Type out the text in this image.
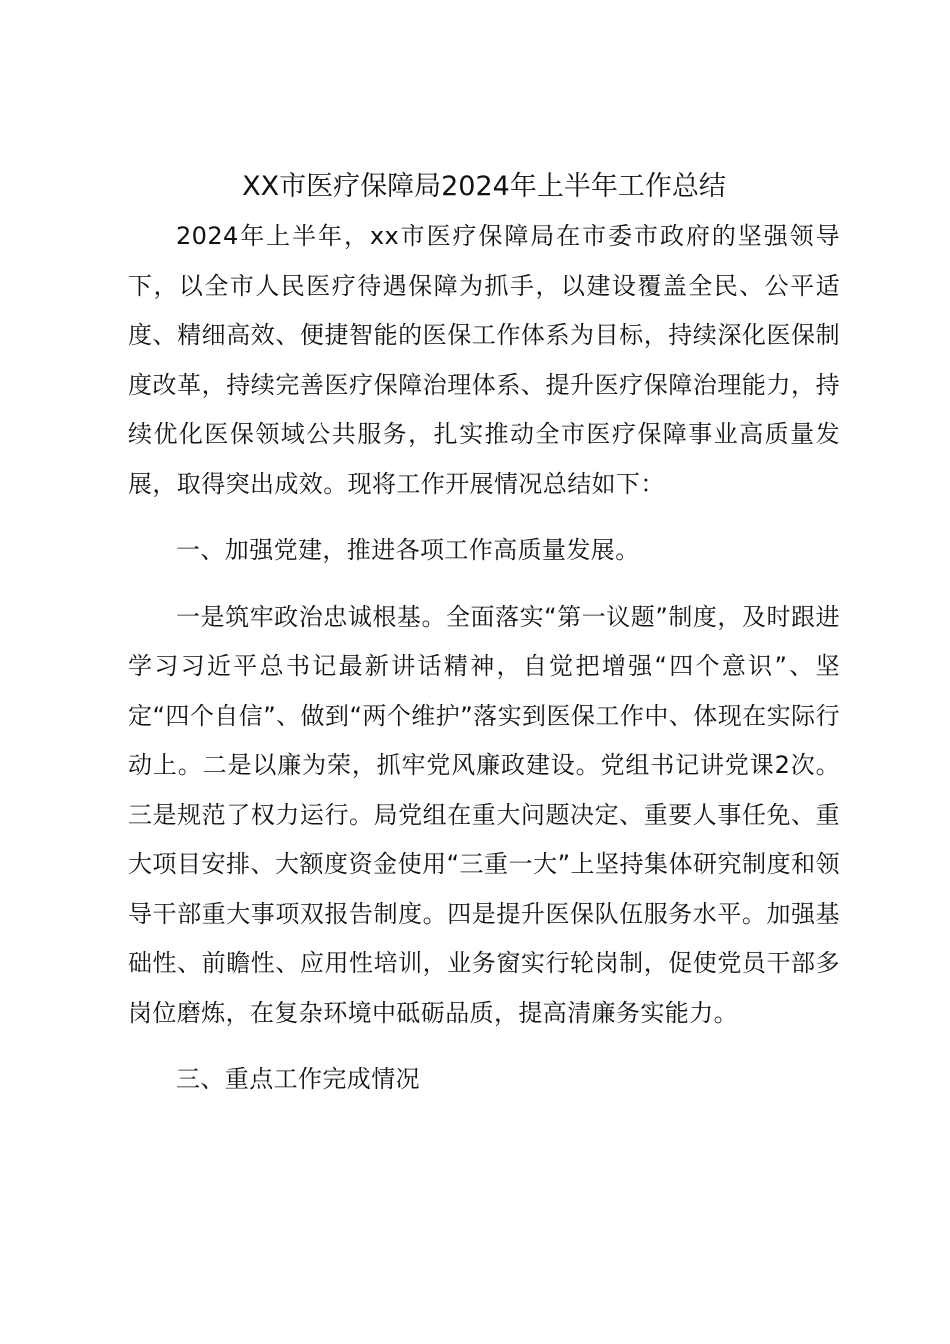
XX市医疗保障局2024年上半年工作总结

2024年上半年，xx市医疗保障局在市委市政府的坚强领导下，以全市人民医疗待遇保障为抓手，以建设覆盖全民、公平适度、精细高效、便捷智能的医保工作体系为目标，持续深化医保制度改革，持续完善医疗保障治理体系、提升医疗保障治理能力，持续优化医保领域公共服务，扎实推动全市医疗保障事业高质量发展，取得突出成效。现将工作开展情况总结如下：

一、加强党建，推进各项工作高质量发展。

一是筑牢政治忠诚根基。全面落实“第一议题”制度，及时跟进学习习近平总书记最新讲话精神，自觉把增强“四个意识”、坚定“四个自信”、做到“两个维护”落实到医保工作中、体现在实际行动上。二是以廉为荣，抓牢党风廉政建设。党组书记讲党课2次。三是规范了权力运行。局党组在重大问题决定、重要人事任免、重大项目安排、大额度资金使用“三重一大”上坚持集体研究制度和领导干部重大事项双报告制度。四是提升医保队伍服务水平。加强基础性、前瞻性、应用性培训，业务窗实行轮岗制，促使党员干部多岗位磨炼，在复杂环境中砥砺品质，提高清廉务实能力。

三、重点工作完成情况
